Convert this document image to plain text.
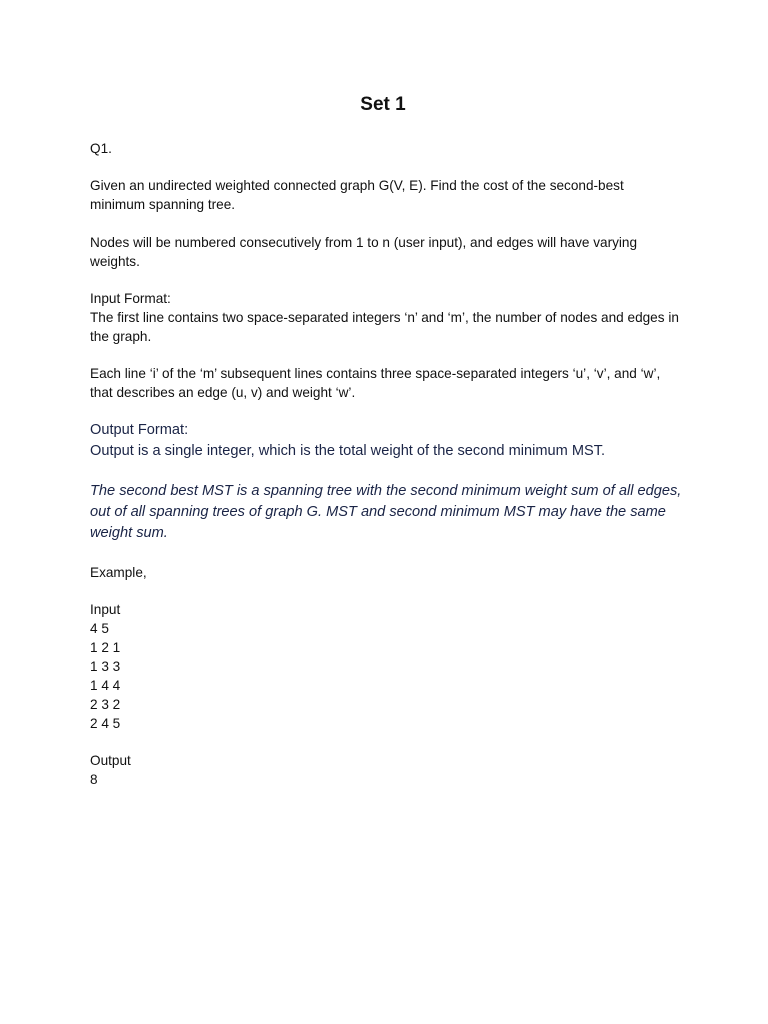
Set 1

Q1.

Given an undirected weighted connected graph G(V, E). Find the cost of the second-best minimum spanning tree.

Nodes will be numbered consecutively from 1 to n (user input), and edges will have varying weights.

Input Format:

The first line contains two space-separated integers ‘n’ and ‘m’, the number of nodes and edges in the graph.

Each line ‘i’ of the ‘m’ subsequent lines contains three space-separated integers ‘u’, ‘v’, and ‘w’, that describes an edge (u, v) and weight ‘w’.

Output Format:

Output is a single integer, which is the total weight of the second minimum MST.

The second best MST is a spanning tree with the second minimum weight sum of all edges, out of all spanning trees of graph G. MST and second minimum MST may have the same weight sum.

Example,

Input

4 5
1 2 1
1 3 3
1 4 4
2 3 2
2 4 5

Output

8
